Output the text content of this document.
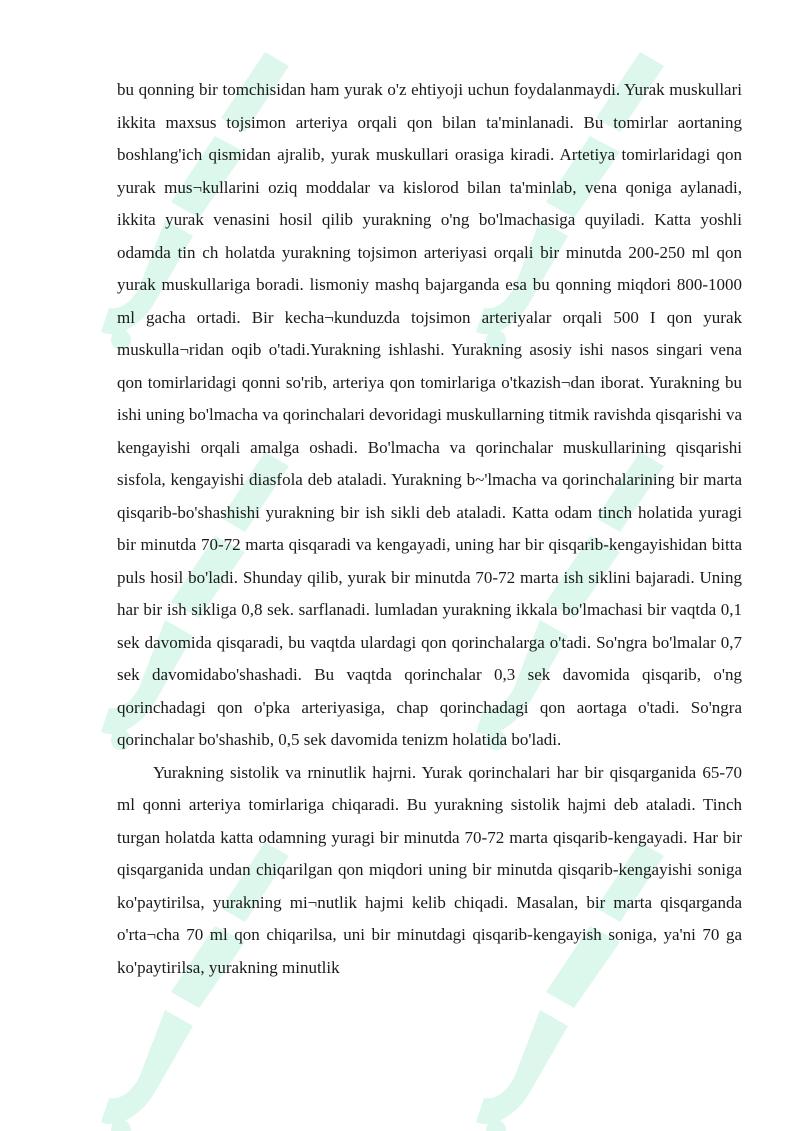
bu qonning bir tomchisidan ham yurak o'z ehtiyoji uchun foydalanmaydi. Yurak muskullari ikkita maxsus tojsimon arteriya orqali qon bilan ta'minlanadi. Bu tomirlar aortaning boshlang'ich qismidan ajralib, yurak muskullari orasiga kiradi. Artetiya tomirlaridagi qon yurak mus¬kullarini oziq moddalar va kislorod bilan ta'minlab, vena qoniga aylanadi, ikkita yurak venasini hosil qilib yurakning o'ng bo'lmachasiga quyiladi. Katta yoshli odamda tin ch holatda yurakning tojsimon arteriyasi orqali bir minutda 200-250 ml qon yurak muskullariga boradi. lismoniy mashq bajarganda esa bu qonning miqdori 800-1000 ml gacha ortadi. Bir kecha¬kunduzda tojsimon arteriyalar orqali 500 I qon yurak muskulla¬ridan oqib o'tadi.Yurakning ishlashi. Yurakning asosiy ishi nasos singari vena qon tomirlaridagi qonni so'rib, arteriya qon tomirlariga o'tkazish¬dan iborat. Yurakning bu ishi uning bo'lmacha va qorinchalari devoridagi muskullarning titmik ravishda qisqarishi va kengayishi orqali amalga oshadi. Bo'lmacha va qorinchalar muskullarining qisqarishi sisfola, kengayishi diasfola deb ataladi. Yurakning b~'lmacha va qorinchalarining bir marta qisqarib-bo'shashishi yurakning bir ish sikli deb ataladi. Katta odam tinch holatida yuragi bir minutda 70-72 marta qisqaradi va kengayadi, uning har bir qisqarib-kengayishidan bitta puls hosil bo'ladi. Shunday qilib, yurak bir minutda 70-72 marta ish siklini bajaradi. Uning har bir ish sikliga 0,8 sek. sarflanadi. lumladan yurakning ikkala bo'lmachasi bir vaqtda 0,1 sek davomida qisqaradi, bu vaqtda ulardagi qon qorinchalarga o'tadi. So'ngra bo'lmalar 0,7 sek davomidabo'shashadi. Bu vaqtda qorinchalar 0,3 sek davomida qisqarib, o'ng qorinchadagi qon o'pka arteriyasiga, chap qorinchadagi qon aortaga o'tadi. So'ngra qorinchalar bo'shashib, 0,5 sek davomida tenizm holatida bo'ladi.

Yurakning sistolik va rninutlik hajrni. Yurak qorinchalari har bir qisqarganida 65-70 ml qonni arteriya tomirlariga chiqaradi. Bu yurakning sistolik hajmi deb ataladi. Tinch turgan holatda katta odamning yuragi bir minutda 70-72 marta qisqarib-kengayadi. Har bir qisqarganida undan chiqarilgan qon miqdori uning bir minutda qisqarib-kengayishi soniga ko'paytirilsa, yurakning mi¬nutlik hajmi kelib chiqadi. Masalan, bir marta qisqarganda o'rta¬cha 70 ml qon chiqarilsa, uni bir minutdagi qisqarib-kengayish soniga, ya'ni 70 ga ko'paytirilsa, yurakning minutlik
